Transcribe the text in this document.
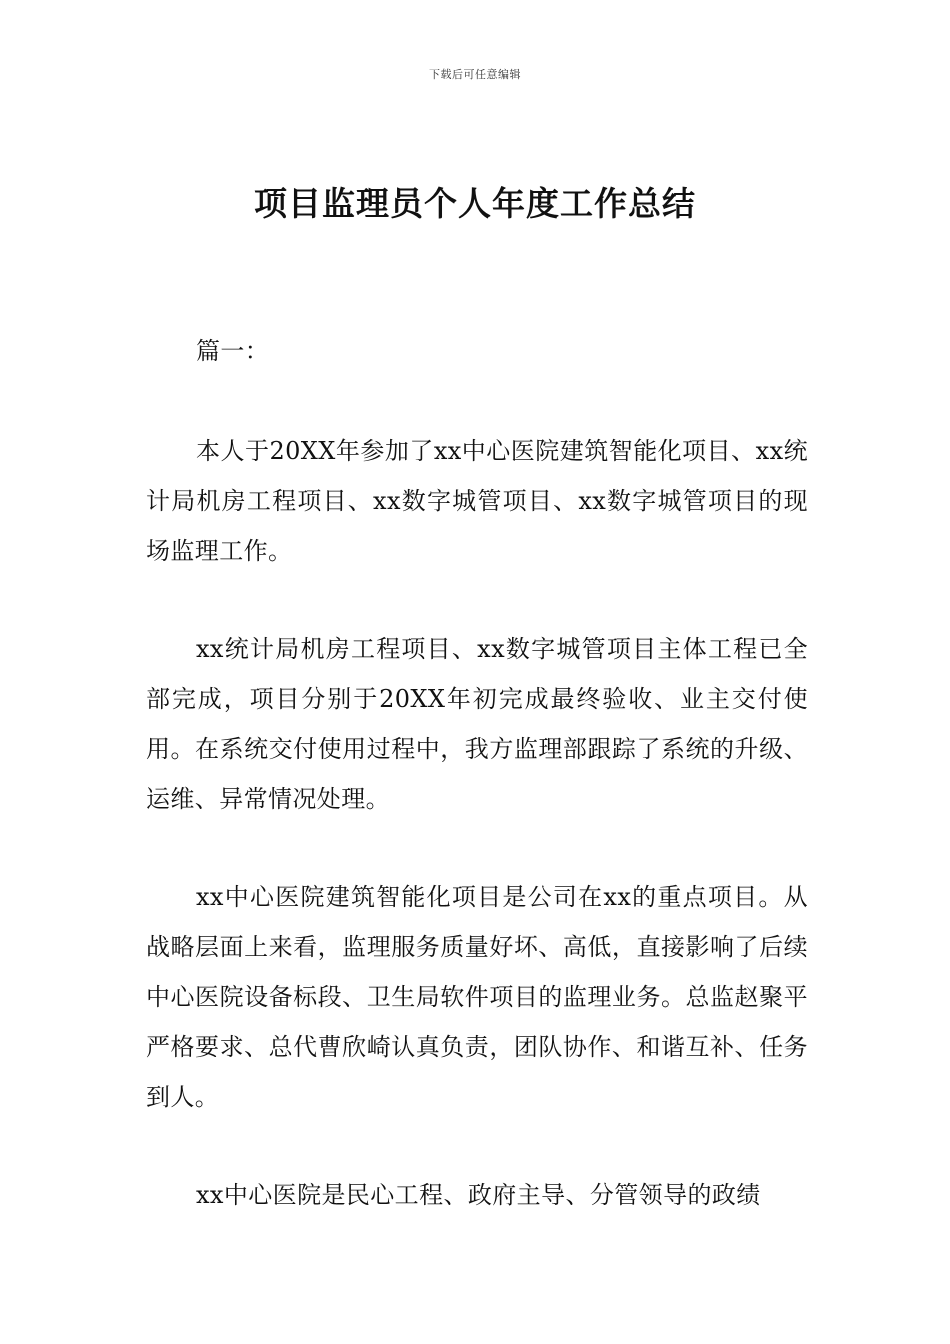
下载后可任意编辑
项目监理员个人年度工作总结

篇一：

本人于20XX年参加了xx中心医院建筑智能化项目、xx统计局机房工程项目、xx数字城管项目、xx数字城管项目的现场监理工作。

xx统计局机房工程项目、xx数字城管项目主体工程已全部完成，项目分别于20XX年初完成最终验收、业主交付使用。在系统交付使用过程中，我方监理部跟踪了系统的升级、运维、异常情况处理。

xx中心医院建筑智能化项目是公司在xx的重点项目。从战略层面上来看，监理服务质量好坏、高低，直接影响了后续中心医院设备标段、卫生局软件项目的监理业务。总监赵聚平严格要求、总代曹欣崎认真负责，团队协作、和谐互补、任务到人。

xx中心医院是民心工程、政府主导、分管领导的政绩
